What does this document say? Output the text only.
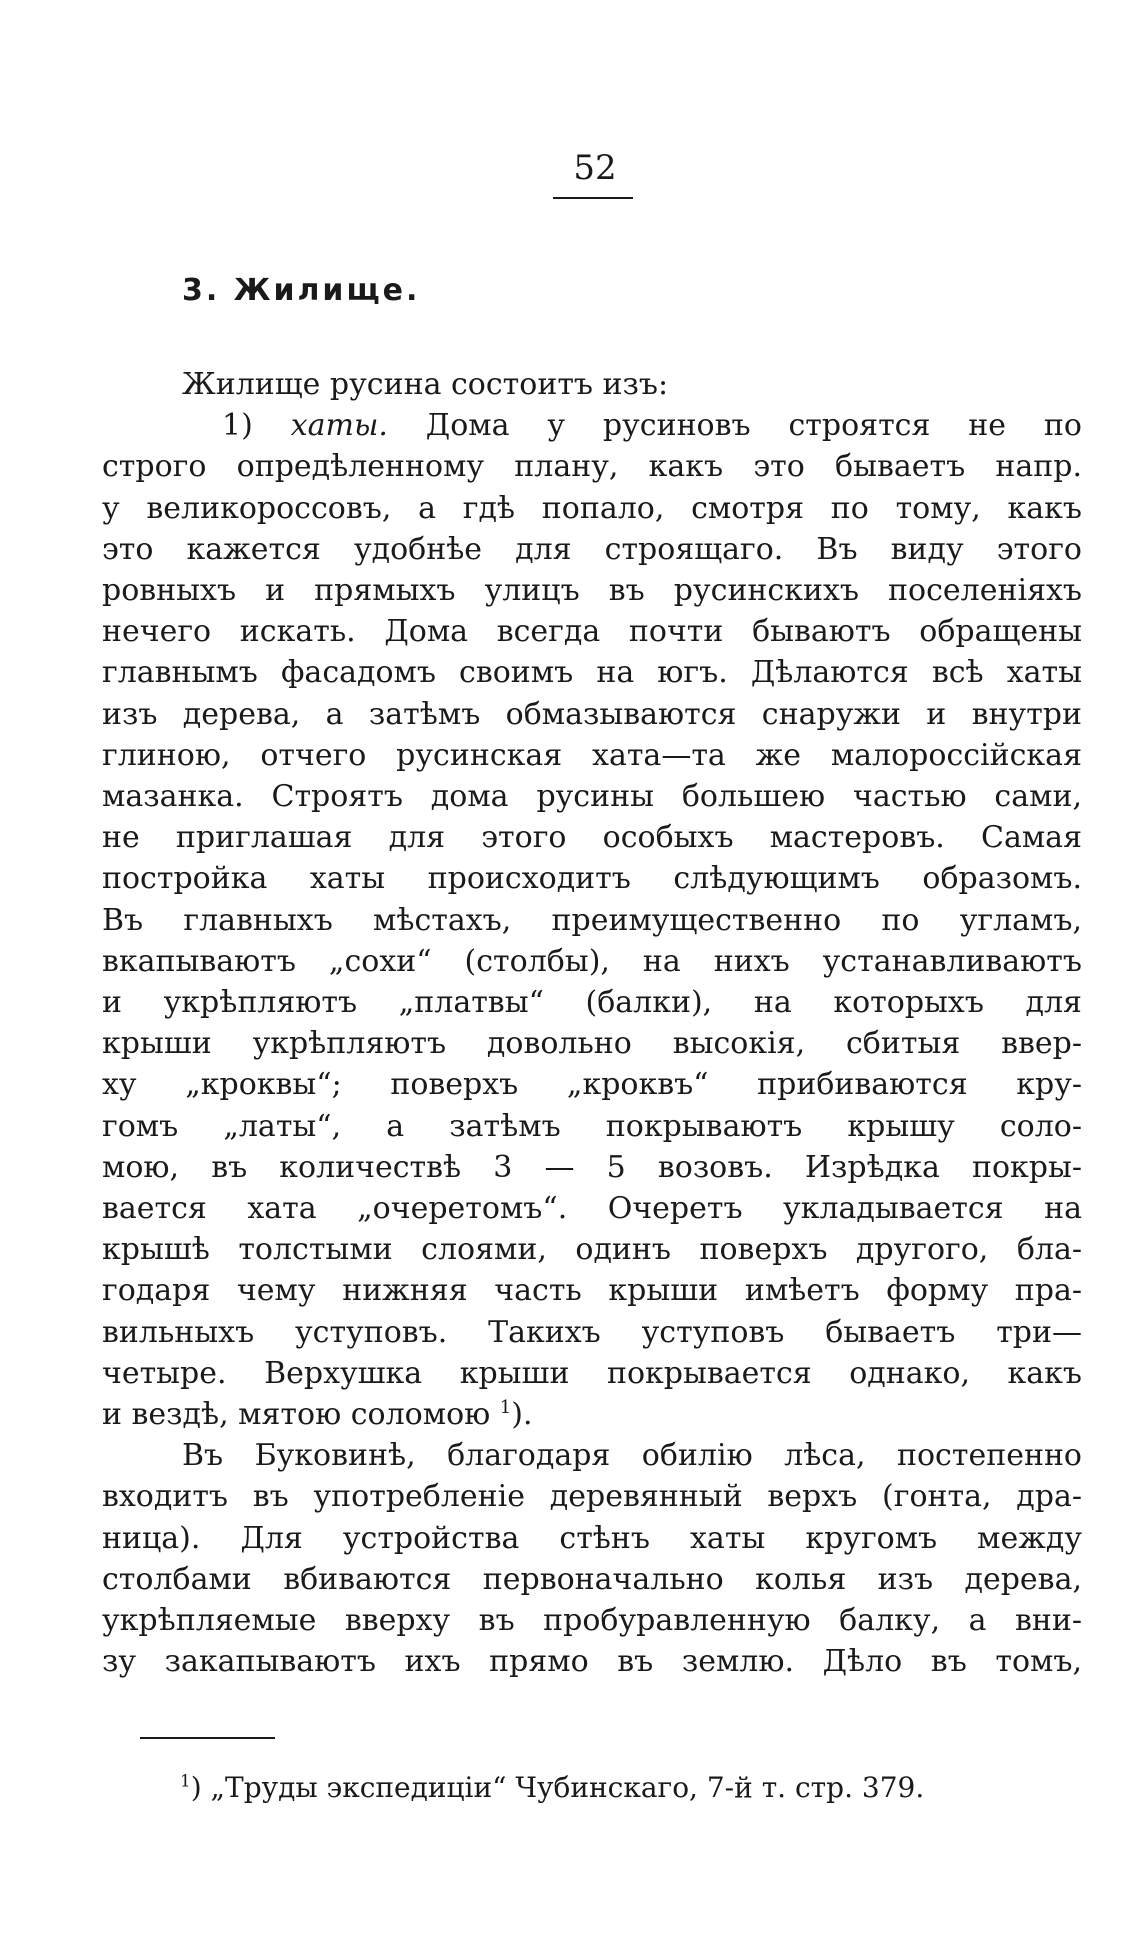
52
3. Жилище.
Жилище русина состоитъ изъ:
1) хаты. Дома у русиновъ строятся не по
строго опредѣленному плану, какъ это бываетъ напр.
у великороссовъ, а гдѣ попало, смотря по тому, какъ
это кажется удобнѣе для строящаго. Въ виду этого
ровныхъ и прямыхъ улицъ въ русинскихъ поселеніяхъ
нечего искать. Дома всегда почти бываютъ обращены
главнымъ фасадомъ своимъ на югъ. Дѣлаются всѣ хаты
изъ дерева, а затѣмъ обмазываются снаружи и внутри
глиною, отчего русинская хата—та же малороссійская
мазанка. Строятъ дома русины большею частью сами,
не приглашая для этого особыхъ мастеровъ. Самая
постройка хаты происходитъ слѣдующимъ образомъ.
Въ главныхъ мѣстахъ, преимущественно по угламъ,
вкапываютъ „сохи“ (столбы), на нихъ устанавливаютъ
и укрѣпляютъ „платвы“ (балки), на которыхъ для
крыши укрѣпляютъ довольно высокія, сбитыя ввер-
ху „кроквы“; поверхъ „кроквъ“ прибиваются кру-
гомъ „латы“, а затѣмъ покрываютъ крышу соло-
мою, въ количествѣ 3 — 5 возовъ. Изрѣдка покры-
вается хата „очеретомъ“. Очеретъ укладывается на
крышѣ толстыми слоями, одинъ поверхъ другого, бла-
годаря чему нижняя часть крыши имѣетъ форму пра-
вильныхъ уступовъ. Такихъ уступовъ бываетъ три—
четыре. Верхушка крыши покрывается однако, какъ
и вездѣ, мятою соломою $^1$).
Въ Буковинѣ, благодаря обилію лѣса, постепенно
входитъ въ употребленіе деревянный верхъ (гонта, дра-
ница). Для устройства стѣнъ хаты кругомъ между
столбами вбиваются первоначально колья изъ дерева,
укрѣпляемые вверху въ пробуравленную балку, а вни-
зу закапываютъ ихъ прямо въ землю. Дѣло въ томъ,
$^1$) „Труды экспедиціи“ Чубинскаго, 7-й т. стр. 379.
